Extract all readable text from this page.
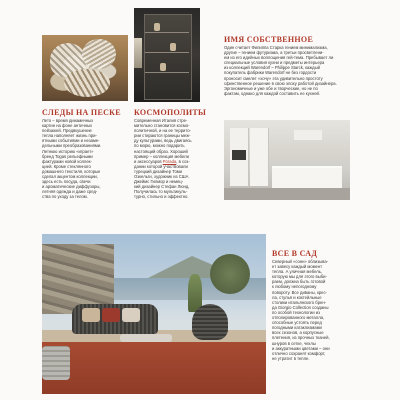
СЛЕДЫ НА ПЕСКЕ

Лето – время динамичных

картин на фоне античных

пейзажей. Предвкушение

тепла наполняет жизнь при-

ятными событиями и незаме-

дельными преобразованиями.

Летнюю историю «играет»

бренд Togas рельефными

фактурами новой коллек-

цией. Кроме стеклянного

домашнего текстиля, которые

сделал акцентом коллекции,

здесь есть посуда, свечи

и ароматические диффузоры,

летняя одежда и даже сред-

ства по уходу за телом.

КОСМОПОЛИТЫ

Современная Италия стре-

мительно становится космо-

политичной, и на ее террито-

рии стираются границы меж-

ду культурами, ведь двигаясь

по морю, можно подарить

настоящий образ. Хороший

пример – коллекция мебели

и аксессуаров Porada, в соз-

дании которой участвовали

турецкий дизайнер Томи

Озкельги, художник из США

Джеймс Гилмор и немец-

кий дизайнер Стефан Люнд.

Получилась то мультикуль-

турно, стильно и эффектно.

ИМЯ СОБСТВЕННОЕ

Один считает Филиппа Старка гением минимализма,

другие – гением футуризма, а третьи просветлени-

ем из его идейных воплощения гей-тема. Пребывает ли

специальные условия кухни и предметы интерьера

из коллекций Warendorf – Philippe Starck, каждый

покупатель фабрики Warendorf не без гордости

проносит смелет «хочу» эта удивительно простоту

сфинственное решение в свою эпоху работой дизайнера.

Эргономичные и уже обе и творческие, но не по

фактам, однако для каждой составить ее кухней.

ВСЕ В САД

Северный «сонн» облизыва-

ет завесу каждый момент

тепла. А уличная мебель,

которую мы для этого выби-

раем, должна быть готовой

к любому непогодному

повороту. Все диваны, крес-

ла, стулья и коктейльные

столики итальянского брен-

да Giorgio Collection созданы

по особой технологии из

отполированного металла,

способные устоять перед

погодными катаклизмами

всех сезонов, а корпусные

плетения, из прочных тканей,

шнуров в сетке, чехлы

и аккуратными цветами – они

отлично сохранят комфорт,

не утратит в тепле.
